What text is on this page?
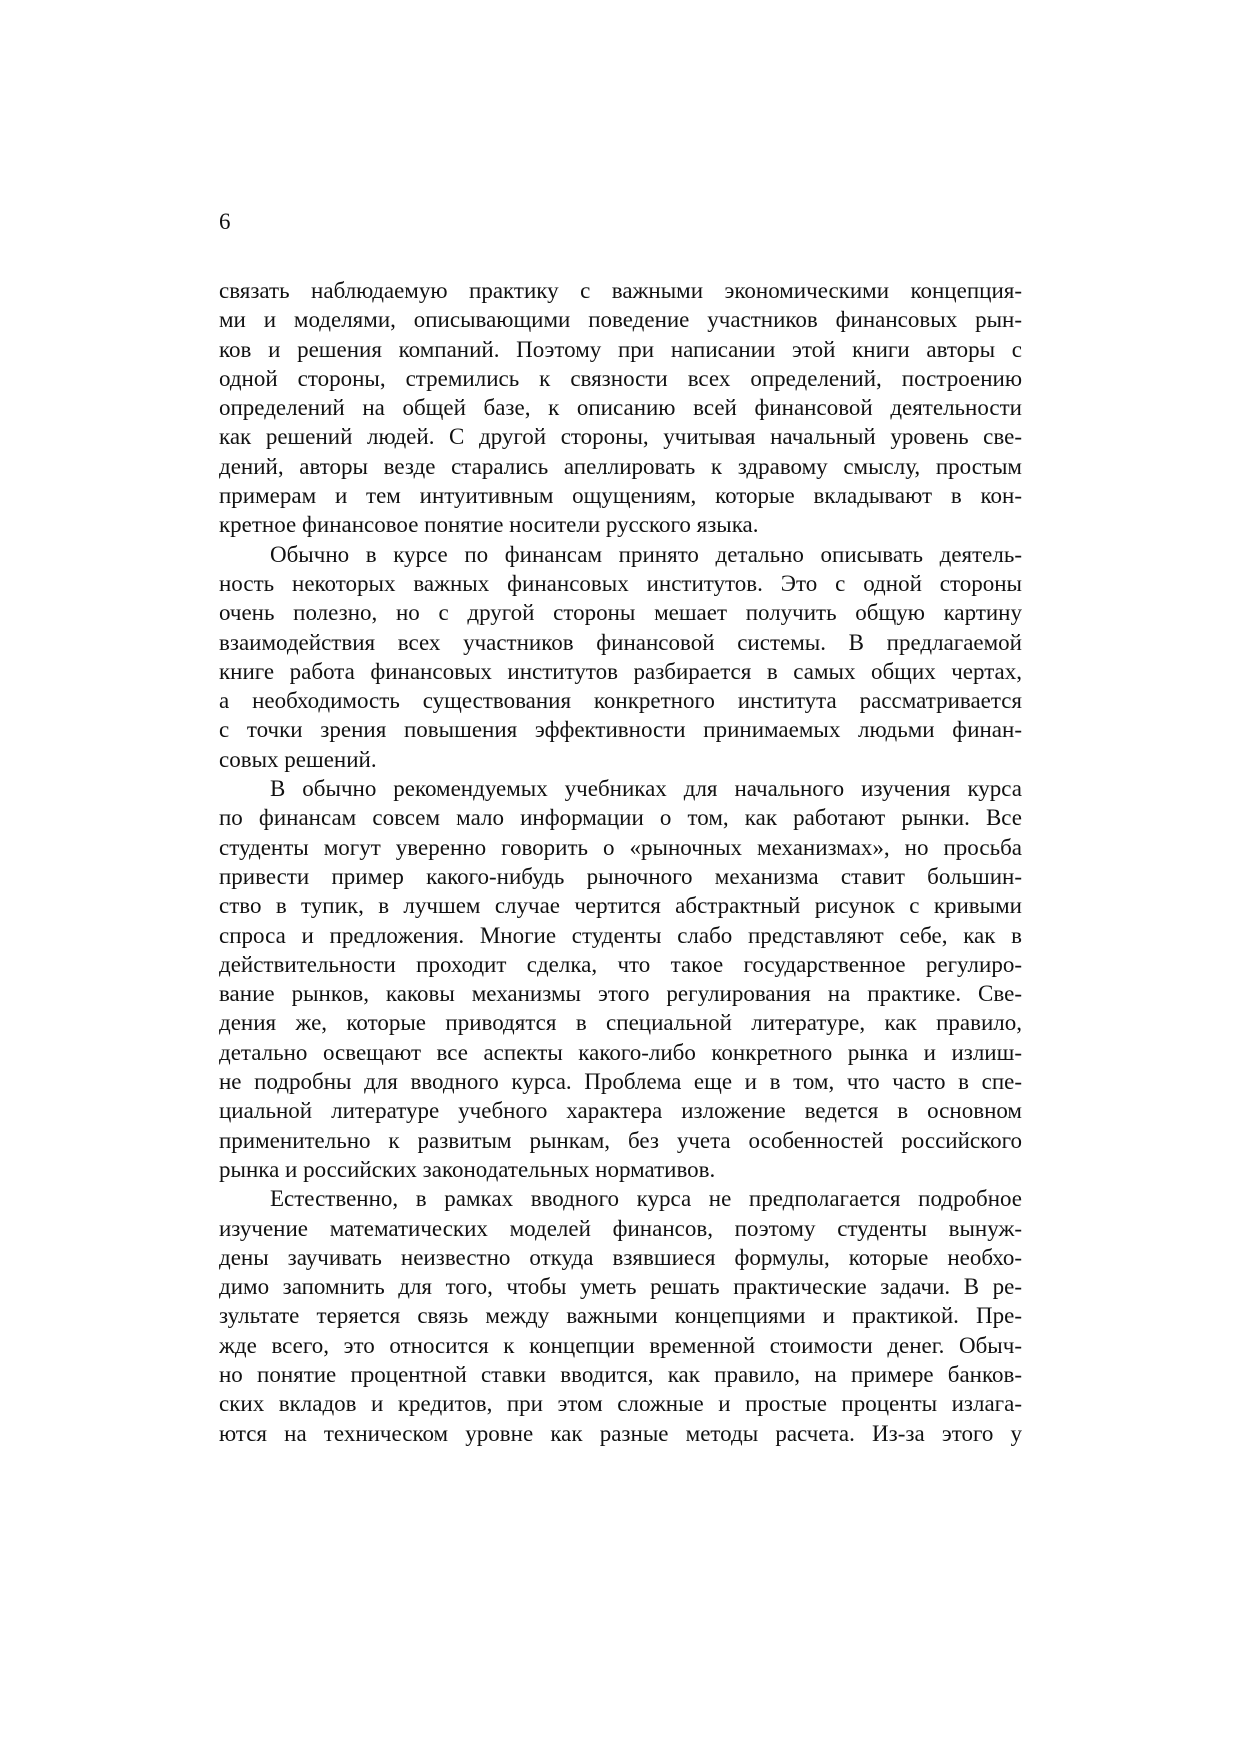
6
связать наблюдаемую практику с важными экономическими концепция-
ми и моделями, описывающими поведение участников финансовых рын-
ков и решения компаний. Поэтому при написании этой книги авторы с
одной стороны, стремились к связности всех определений, построению
определений на общей базе, к описанию всей финансовой деятельности
как решений людей. С другой стороны, учитывая начальный уровень све-
дений, авторы везде старались апеллировать к здравому смыслу, простым
примерам и тем интуитивным ощущениям, которые вкладывают в кон-
кретное финансовое понятие носители русского языка.
Обычно в курсе по финансам принято детально описывать деятель-
ность некоторых важных финансовых институтов. Это с одной стороны
очень полезно, но с другой стороны мешает получить общую картину
взаимодействия всех участников финансовой системы. В предлагаемой
книге работа финансовых институтов разбирается в самых общих чертах,
а необходимость существования конкретного института рассматривается
с точки зрения повышения эффективности принимаемых людьми финан-
совых решений.
В обычно рекомендуемых учебниках для начального изучения курса
по финансам совсем мало информации о том, как работают рынки. Все
студенты могут уверенно говорить о «рыночных механизмах», но просьба
привести пример какого-нибудь рыночного механизма ставит большин-
ство в тупик, в лучшем случае чертится абстрактный рисунок с кривыми
спроса и предложения. Многие студенты слабо представляют себе, как в
действительности проходит сделка, что такое государственное регулиро-
вание рынков, каковы механизмы этого регулирования на практике. Све-
дения же, которые приводятся в специальной литературе, как правило,
детально освещают все аспекты какого-либо конкретного рынка и излиш-
не подробны для вводного курса. Проблема еще и в том, что часто в спе-
циальной литературе учебного характера изложение ведется в основном
применительно к развитым рынкам, без учета особенностей российского
рынка и российских законодательных нормативов.
Естественно, в рамках вводного курса не предполагается подробное
изучение математических моделей финансов, поэтому студенты вынуж-
дены заучивать неизвестно откуда взявшиеся формулы, которые необхо-
димо запомнить для того, чтобы уметь решать практические задачи. В ре-
зультате теряется связь между важными концепциями и практикой. Пре-
жде всего, это относится к концепции временной стоимости денег. Обыч-
но понятие процентной ставки вводится, как правило, на примере банков-
ских вкладов и кредитов, при этом сложные и простые проценты излага-
ются на техническом уровне как разные методы расчета. Из-за этого у
